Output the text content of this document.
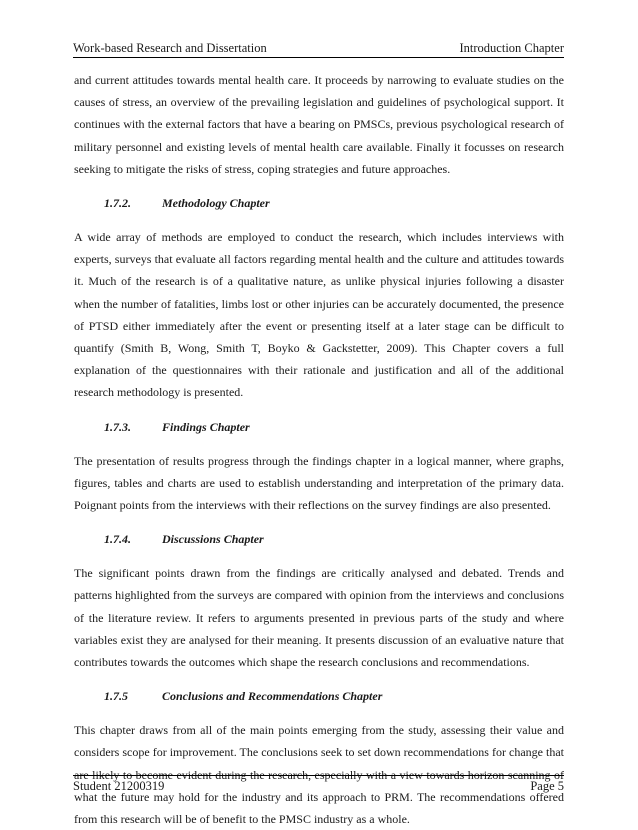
Work-based Research and Dissertation	Introduction Chapter

and current attitudes towards mental health care. It proceeds by narrowing to evaluate studies on the causes of stress, an overview of the prevailing legislation and guidelines of psychological support. It continues with the external factors that have a bearing on PMSCs, previous psychological research of military personnel and existing levels of mental health care available. Finally it focusses on research seeking to mitigate the risks of stress, coping strategies and future approaches.

1.7.2.	Methodology Chapter

A wide array of methods are employed to conduct the research, which includes interviews with experts, surveys that evaluate all factors regarding mental health and the culture and attitudes towards it. Much of the research is of a qualitative nature, as unlike physical injuries following a disaster when the number of fatalities, limbs lost or other injuries can be accurately documented, the presence of PTSD either immediately after the event or presenting itself at a later stage can be difficult to quantify (Smith B, Wong, Smith T, Boyko & Gackstetter, 2009). This Chapter covers a full explanation of the questionnaires with their rationale and justification and all of the additional research methodology is presented.

1.7.3.	Findings Chapter

The presentation of results progress through the findings chapter in a logical manner, where graphs, figures, tables and charts are used to establish understanding and interpretation of the primary data. Poignant points from the interviews with their reflections on the survey findings are also presented.

1.7.4.	Discussions Chapter

The significant points drawn from the findings are critically analysed and debated. Trends and patterns highlighted from the surveys are compared with opinion from the interviews and conclusions of the literature review. It refers to arguments presented in previous parts of the study and where variables exist they are analysed for their meaning. It presents discussion of an evaluative nature that contributes towards the outcomes which shape the research conclusions and recommendations.

1.7.5	Conclusions and Recommendations Chapter

This chapter draws from all of the main points emerging from the study, assessing their value and considers scope for improvement. The conclusions seek to set down recommendations for change that are likely to become evident during the research, especially with a view towards horizon scanning of what the future may hold for the industry and its approach to PRM. The recommendations offered from this research will be of benefit to the PMSC industry as a whole.

Student 21200319	Page 5
